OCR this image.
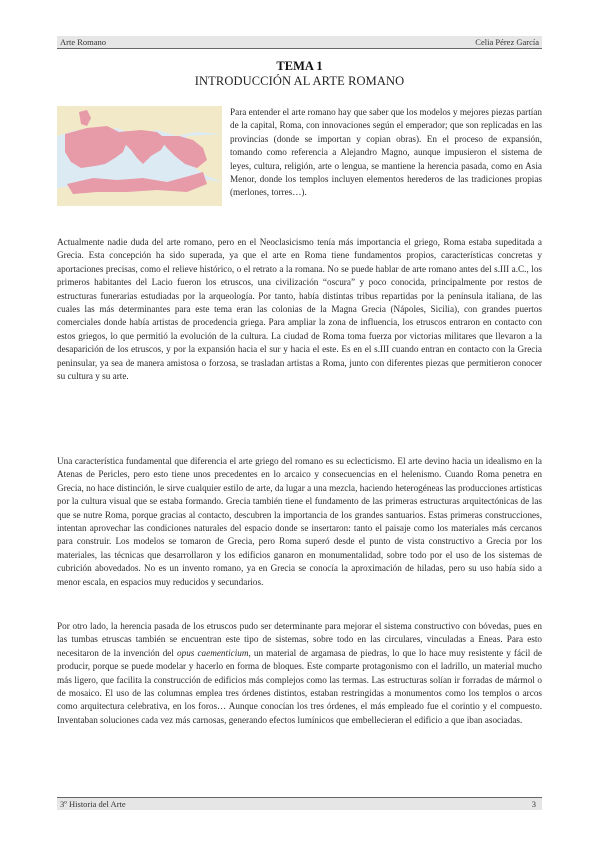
Arte Romano	Celia Pérez García
TEMA 1
INTRODUCCIÓN AL ARTE ROMANO

Para entender el arte romano hay que saber que los modelos y mejores piezas partían de la capital, Roma, con innovaciones según el emperador; que son replicadas en las provincias (donde se importan y copian obras). En el proceso de expansión, tomando como referencia a Alejandro Magno, aunque impusieron el sistema de leyes, cultura, religión, arte o lengua, se mantiene la herencia pasada, como en Asia Menor, donde los templos incluyen elementos herederos de las tradiciones propias (merlones, torres…).

Actualmente nadie duda del arte romano, pero en el Neoclasicismo tenía más importancia el griego, Roma estaba supeditada a Grecia. Esta concepción ha sido superada, ya que el arte en Roma tiene fundamentos propios, características concretas y aportaciones precisas, como el relieve histórico, o el retrato a la romana. No se puede hablar de arte romano antes del s.III a.C., los primeros habitantes del Lacio fueron los etruscos, una civilización “oscura” y poco conocida, principalmente por restos de estructuras funerarias estudiadas por la arqueología. Por tanto, había distintas tribus repartidas por la península italiana, de las cuales las más determinantes para este tema eran las colonias de la Magna Grecia (Nápoles, Sicilia), con grandes puertos comerciales donde había artistas de procedencia griega. Para ampliar la zona de influencia, los etruscos entraron en contacto con estos griegos, lo que permitió la evolución de la cultura. La ciudad de Roma toma fuerza por victorias militares que llevaron a la desaparición de los etruscos, y por la expansión hacia el sur y hacia el este. Es en el s.III cuando entran en contacto con la Grecia peninsular, ya sea de manera amistosa o forzosa, se trasladan artistas a Roma, junto con diferentes piezas que permitieron conocer su cultura y su arte.

Una característica fundamental que diferencia el arte griego del romano es su eclecticismo. El arte devino hacia un idealismo en la Atenas de Pericles, pero esto tiene unos precedentes en lo arcaico y consecuencias en el helenismo. Cuando Roma penetra en Grecia, no hace distinción, le sirve cualquier estilo de arte, da lugar a una mezcla, haciendo heterogéneas las producciones artísticas por la cultura visual que se estaba formando. Grecia también tiene el fundamento de las primeras estructuras arquitectónicas de las que se nutre Roma, porque gracias al contacto, descubren la importancia de los grandes santuarios. Estas primeras construcciones, intentan aprovechar las condiciones naturales del espacio donde se insertaron: tanto el paisaje como los materiales más cercanos para construir. Los modelos se tomaron de Grecia, pero Roma superó desde el punto de vista constructivo a Grecia por los materiales, las técnicas que desarrollaron y los edificios ganaron en monumentalidad, sobre todo por el uso de los sistemas de cubrición abovedados. No es un invento romano, ya en Grecia se conocía la aproximación de hiladas, pero su uso había sido a menor escala, en espacios muy reducidos y secundarios.

Por otro lado, la herencia pasada de los etruscos pudo ser determinante para mejorar el sistema constructivo con bóvedas, pues en las tumbas etruscas también se encuentran este tipo de sistemas, sobre todo en las circulares, vinculadas a Eneas. Para esto necesitaron de la invención del opus caementicium, un material de argamasa de piedras, lo que lo hace muy resistente y fácil de producir, porque se puede modelar y hacerlo en forma de bloques. Este comparte protagonismo con el ladrillo, un material mucho más ligero, que facilita la construcción de edificios más complejos como las termas. Las estructuras solían ir forradas de mármol o de mosaico. El uso de las columnas emplea tres órdenes distintos, estaban restringidas a monumentos como los templos o arcos como arquitectura celebrativa, en los foros… Aunque conocían los tres órdenes, el más empleado fue el corintio y el compuesto. Inventaban soluciones cada vez más carnosas, generando efectos lumínicos que embellecieran el edificio a que iban asociadas.

3º Historia del Arte	3
